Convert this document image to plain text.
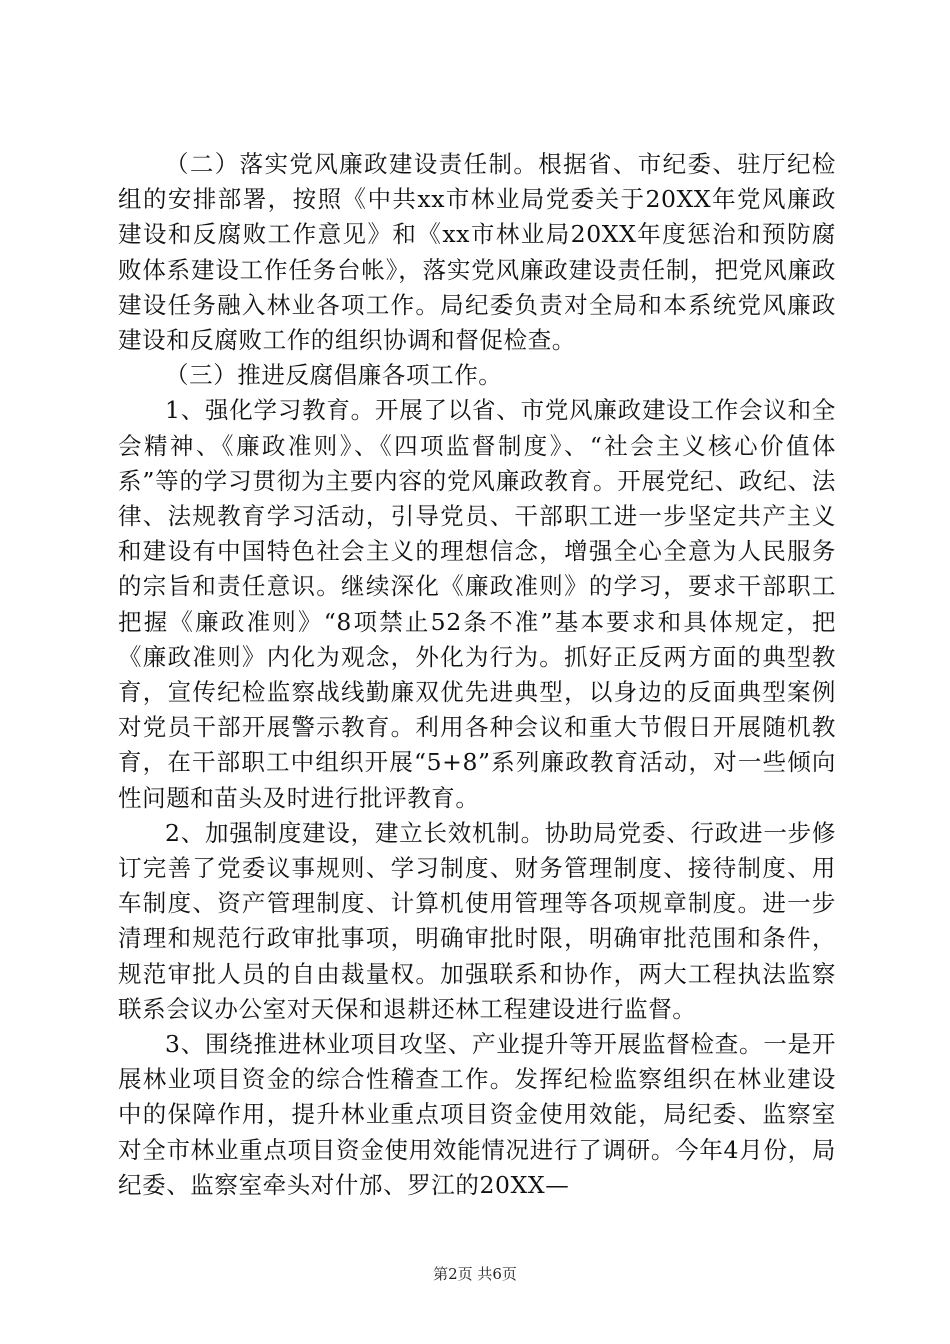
（二）落实党风廉政建设责任制。根据省、市纪委、驻厅纪检组的安排部署，按照《中共xx市林业局党委关于20XX年党风廉政建设和反腐败工作意见》和《xx市林业局20XX年度惩治和预防腐败体系建设工作任务台帐》，落实党风廉政建设责任制，把党风廉政建设任务融入林业各项工作。局纪委负责对全局和本系统党风廉政建设和反腐败工作的组织协调和督促检查。

（三）推进反腐倡廉各项工作。

1、强化学习教育。开展了以省、市党风廉政建设工作会议和全会精神、《廉政准则》、《四项监督制度》、“社会主义核心价值体系”等的学习贯彻为主要内容的党风廉政教育。开展党纪、政纪、法律、法规教育学习活动，引导党员、干部职工进一步坚定共产主义和建设有中国特色社会主义的理想信念，增强全心全意为人民服务的宗旨和责任意识。继续深化《廉政准则》的学习，要求干部职工把握《廉政准则》“8项禁止52条不准”基本要求和具体规定，把《廉政准则》内化为观念，外化为行为。抓好正反两方面的典型教育，宣传纪检监察战线勤廉双优先进典型，以身边的反面典型案例对党员干部开展警示教育。利用各种会议和重大节假日开展随机教育，在干部职工中组织开展“5+8”系列廉政教育活动，对一些倾向性问题和苗头及时进行批评教育。

2、加强制度建设，建立长效机制。协助局党委、行政进一步修订完善了党委议事规则、学习制度、财务管理制度、接待制度、用车制度、资产管理制度、计算机使用管理等各项规章制度。进一步清理和规范行政审批事项，明确审批时限，明确审批范围和条件，规范审批人员的自由裁量权。加强联系和协作，两大工程执法监察联系会议办公室对天保和退耕还林工程建设进行监督。

3、围绕推进林业项目攻坚、产业提升等开展监督检查。一是开展林业项目资金的综合性稽查工作。发挥纪检监察组织在林业建设中的保障作用，提升林业重点项目资金使用效能，局纪委、监察室对全市林业重点项目资金使用效能情况进行了调研。今年4月份，局纪委、监察室牵头对什邡、罗江的20XX—

第2页 共6页
